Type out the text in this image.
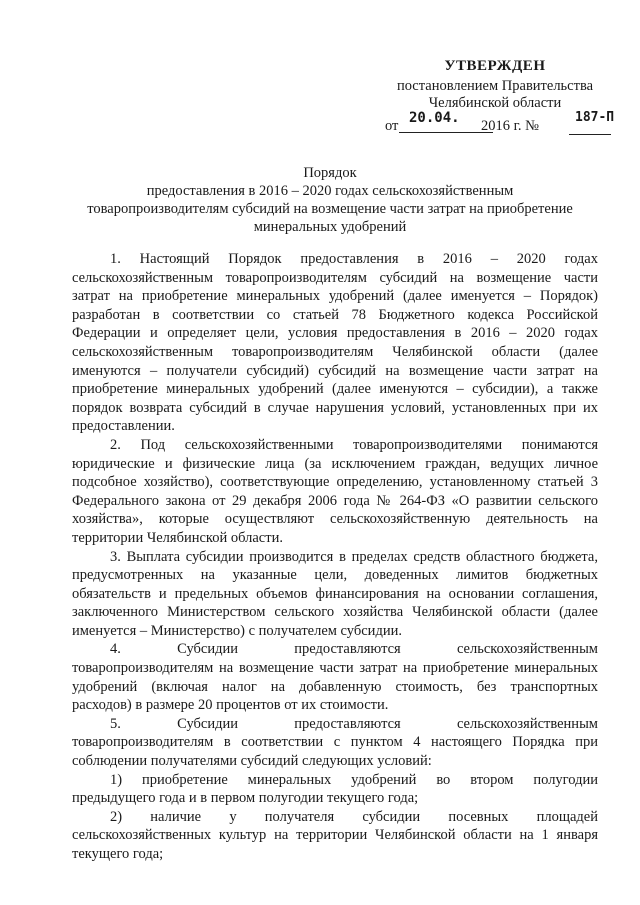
УТВЕРЖДЕН
постановлением Правительства
Челябинской области
от 20.04. 2016 г. №
187-П
Порядок
предоставления в 2016 – 2020 годах сельскохозяйственным
товаропроизводителям субсидий на возмещение части затрат на приобретение
минеральных удобрений

1. Настоящий Порядок предоставления в 2016 – 2020 годах
сельскохозяйственным товаропроизводителям субсидий на возмещение части
затрат на приобретение минеральных удобрений (далее именуется – Порядок)
разработан в соответствии со статьей 78 Бюджетного кодекса Российской
Федерации и определяет цели, условия предоставления в 2016 – 2020 годах
сельскохозяйственным товаропроизводителям Челябинской области (далее
именуются – получатели субсидий) субсидий на возмещение части затрат на
приобретение минеральных удобрений (далее именуются – субсидии), а также
порядок возврата субсидий в случае нарушения условий, установленных при их
предоставлении.

2. Под сельскохозяйственными товаропроизводителями понимаются
юридические и физические лица (за исключением граждан, ведущих личное
подсобное хозяйство), соответствующие определению, установленному статьей 3
Федерального закона от 29 декабря 2006 года № 264-ФЗ «О развитии сельского
хозяйства», которые осуществляют сельскохозяйственную деятельность на
территории Челябинской области.

3. Выплата субсидии производится в пределах средств областного бюджета,
предусмотренных на указанные цели, доведенных лимитов бюджетных
обязательств и предельных объемов финансирования на основании соглашения,
заключенного Министерством сельского хозяйства Челябинской области (далее
именуется – Министерство) с получателем субсидии.

4. Субсидии предоставляются сельскохозяйственным
товаропроизводителям на возмещение части затрат на приобретение минеральных
удобрений (включая налог на добавленную стоимость, без транспортных
расходов) в размере 20 процентов от их стоимости.

5. Субсидии предоставляются сельскохозяйственным
товаропроизводителям в соответствии с пунктом 4 настоящего Порядка при
соблюдении получателями субсидий следующих условий:

1) приобретение минеральных удобрений во втором полугодии
предыдущего года и в первом полугодии текущего года;

2) наличие у получателя субсидии посевных площадей
сельскохозяйственных культур на территории Челябинской области на 1 января
текущего года;
